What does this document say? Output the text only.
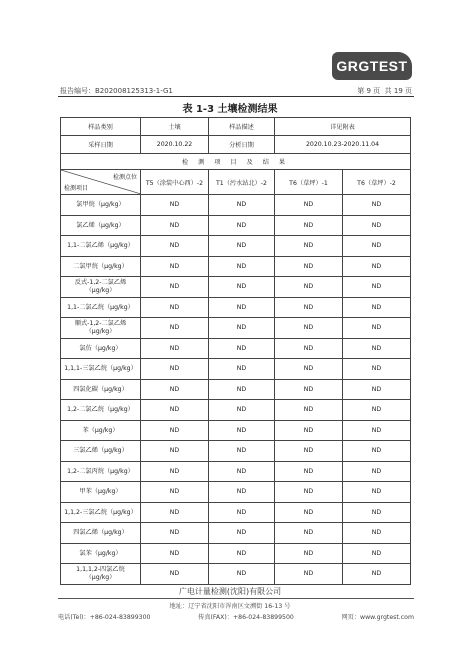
GRGTEST
报告编号：B202008125313-1-G1	第 9 页  共 19 页
表 1-3 土壤检测结果
样品类别	土壤	样品描述	详见附表	
采样日期	2020.10.22	分析日期	2020.10.23-2020.11.04	
检 测 项 目 及 结 果				

检测点位
检测项目	T5（涂装中心西）-2	T1（污水站北）-2	T6（草坪）-1	T6（草坪）-2
氯甲烷（μg/kg）	ND	ND	ND	ND
氯乙烯（μg/kg）	ND	ND	ND	ND
1,1-二氯乙烯（μg/kg）	ND	ND	ND	ND
二氯甲烷（μg/kg）	ND	ND	ND	ND
反式-1,2-二氯乙烯（μg/kg）	ND	ND	ND	ND
1,1-二氯乙烷（μg/kg）	ND	ND	ND	ND
顺式-1,2-二氯乙烯（μg/kg）	ND	ND	ND	ND
氯仿（μg/kg）	ND	ND	ND	ND
1,1,1-三氯乙烷（μg/kg）	ND	ND	ND	ND
四氯化碳（μg/kg）	ND	ND	ND	ND
1,2-二氯乙烷（μg/kg）	ND	ND	ND	ND
苯（μg/kg）	ND	ND	ND	ND
三氯乙烯（μg/kg）	ND	ND	ND	ND
1,2-二氯丙烷（μg/kg）	ND	ND	ND	ND
甲苯（μg/kg）	ND	ND	ND	ND
1,1,2-三氯乙烷（μg/kg）	ND	ND	ND	ND
四氯乙烯（μg/kg）	ND	ND	ND	ND
氯苯（μg/kg）	ND	ND	ND	ND
1,1,1,2-四氯乙烷（μg/kg）	ND	ND	ND	ND
广电计量检测(沈阳)有限公司
地址：辽宁省沈阳市浑南区文溯街 16-13 号
电话(Tel)：+86-024-83899300	传真(FAX)：+86-024-83899500	网页：www.grgtest.com
